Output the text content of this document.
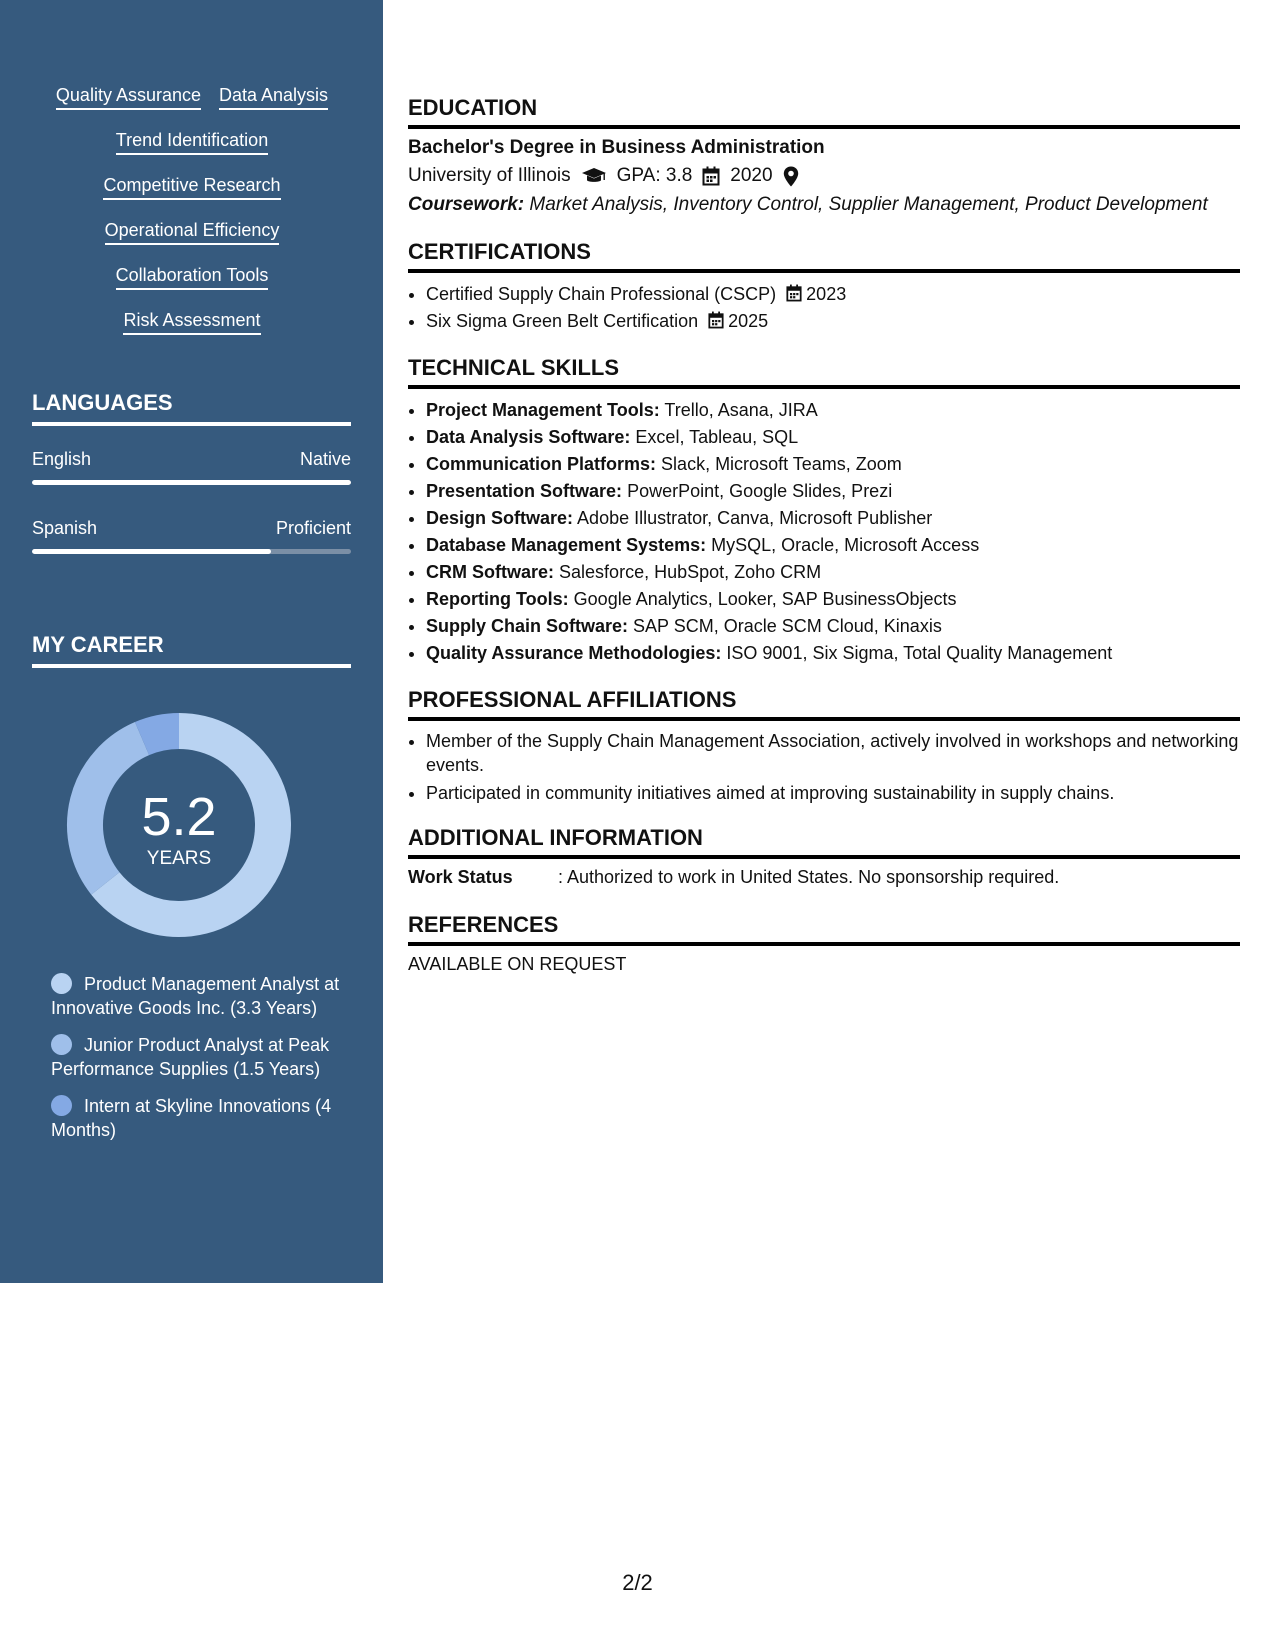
Quality Assurance Data Analysis
Trend Identification
Competitive Research
Operational Efficiency
Collaboration Tools
Risk Assessment
LANGUAGES
English	Native
Spanish	Proficient
MY CAREER
5.2
YEARS
Product Management Analyst at Innovative Goods Inc. (3.3 Years)
Junior Product Analyst at Peak Performance Supplies (1.5 Years)
Intern at Skyline Innovations (4 Months)
EDUCATION
Bachelor's Degree in Business Administration
University of Illinois GPA: 3.8 2020
Coursework: Market Analysis, Inventory Control, Supplier Management, Product Development
CERTIFICATIONS
• Certified Supply Chain Professional (CSCP) 2023
• Six Sigma Green Belt Certification 2025
TECHNICAL SKILLS
• Project Management Tools: Trello, Asana, JIRA
• Data Analysis Software: Excel, Tableau, SQL
• Communication Platforms: Slack, Microsoft Teams, Zoom
• Presentation Software: PowerPoint, Google Slides, Prezi
• Design Software: Adobe Illustrator, Canva, Microsoft Publisher
• Database Management Systems: MySQL, Oracle, Microsoft Access
• CRM Software: Salesforce, HubSpot, Zoho CRM
• Reporting Tools: Google Analytics, Looker, SAP BusinessObjects
• Supply Chain Software: SAP SCM, Oracle SCM Cloud, Kinaxis
• Quality Assurance Methodologies: ISO 9001, Six Sigma, Total Quality Management
PROFESSIONAL AFFILIATIONS
• Member of the Supply Chain Management Association, actively involved in workshops and networking events.
• Participated in community initiatives aimed at improving sustainability in supply chains.
ADDITIONAL INFORMATION
Work Status	: Authorized to work in United States. No sponsorship required.
REFERENCES
AVAILABLE ON REQUEST
2/2
